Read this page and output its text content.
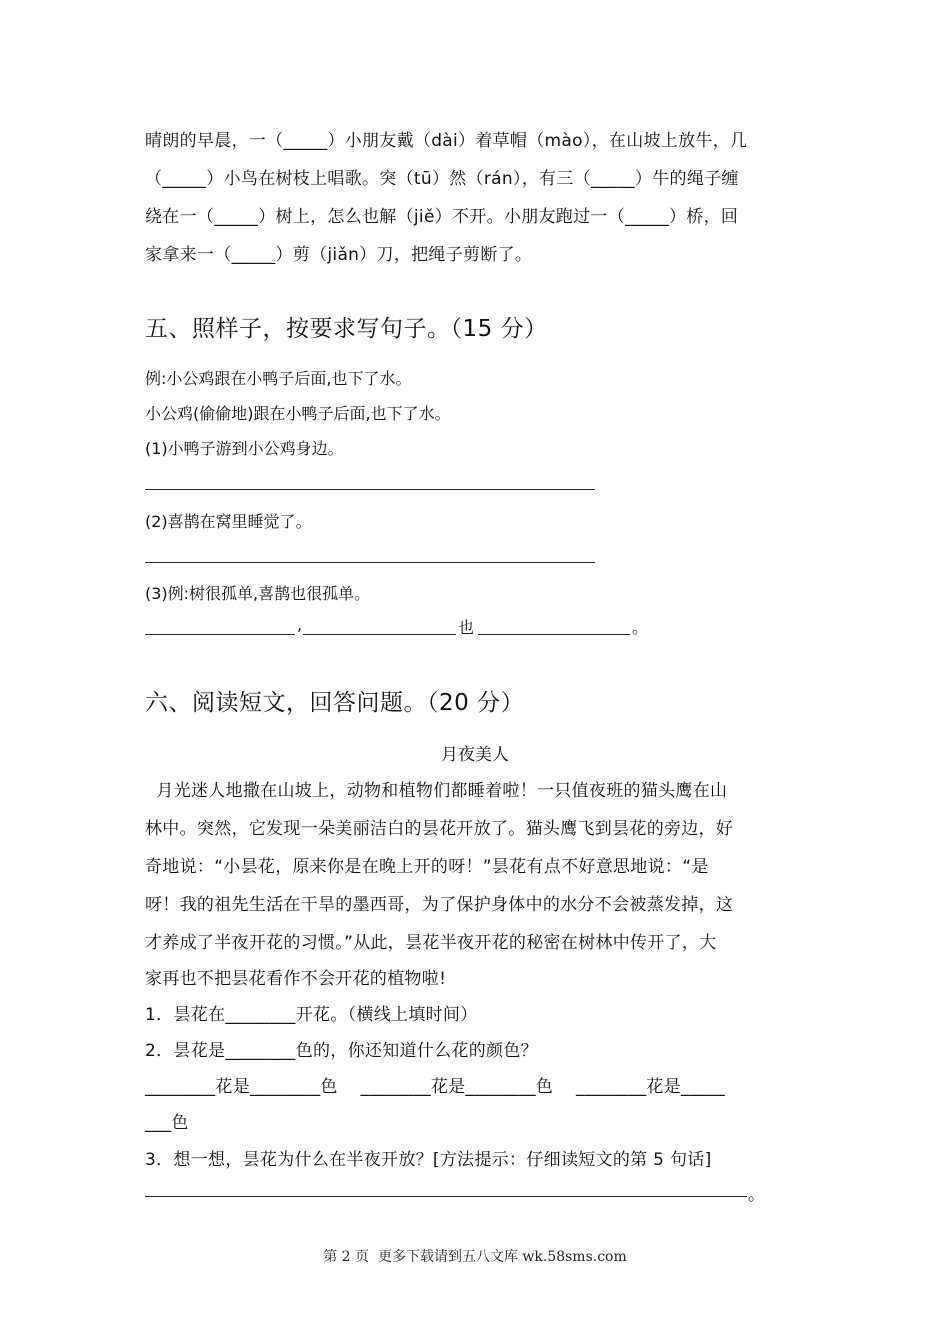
晴朗的早晨，一（_____）小朋友戴（dài）着草帽（mào），在山坡上放牛，几
（_____）小鸟在树枝上唱歌。突（tū）然（rán），有三（_____）牛的绳子缠
绕在一（_____）树上，怎么也解（jiě）不开。小朋友跑过一（_____）桥，回
家拿来一（_____）剪（jiǎn）刀，把绳子剪断了。
五、照样子，按要求写句子。（15 分）
例:小公鸡跟在小鸭子后面,也下了水。
小公鸡(偷偷地)跟在小鸭子后面,也下了水。
(1)小鸭子游到小公鸡身边。
(2)喜鹊在窝里睡觉了。
(3)例:树很孤单,喜鹊也很孤单。
,	也	。
六、阅读短文，回答问题。（20 分）
月夜美人
月光迷人地撒在山坡上，动物和植物们都睡着啦！一只值夜班的猫头鹰在山
林中。突然，它发现一朵美丽洁白的昙花开放了。猫头鹰飞到昙花的旁边，好
奇地说：“小昙花，原来你是在晚上开的呀！”昙花有点不好意思地说：“是
呀！我的祖先生活在干旱的墨西哥，为了保护身体中的水分不会被蒸发掉，这
才养成了半夜开花的习惯。”从此，昙花半夜开花的秘密在树林中传开了，大
家再也不把昙花看作不会开花的植物啦!
1．昙花在________开花。（横线上填时间）
2．昙花是________色的，你还知道什么花的颜色？
________花是________色    ________花是________色    ________花是_____
___色
3．想一想，昙花为什么在半夜开放？[方法提示：仔细读短文的第 5 句话]
。
第 2 页  更多下载请到五八文库 wk.58sms.com
